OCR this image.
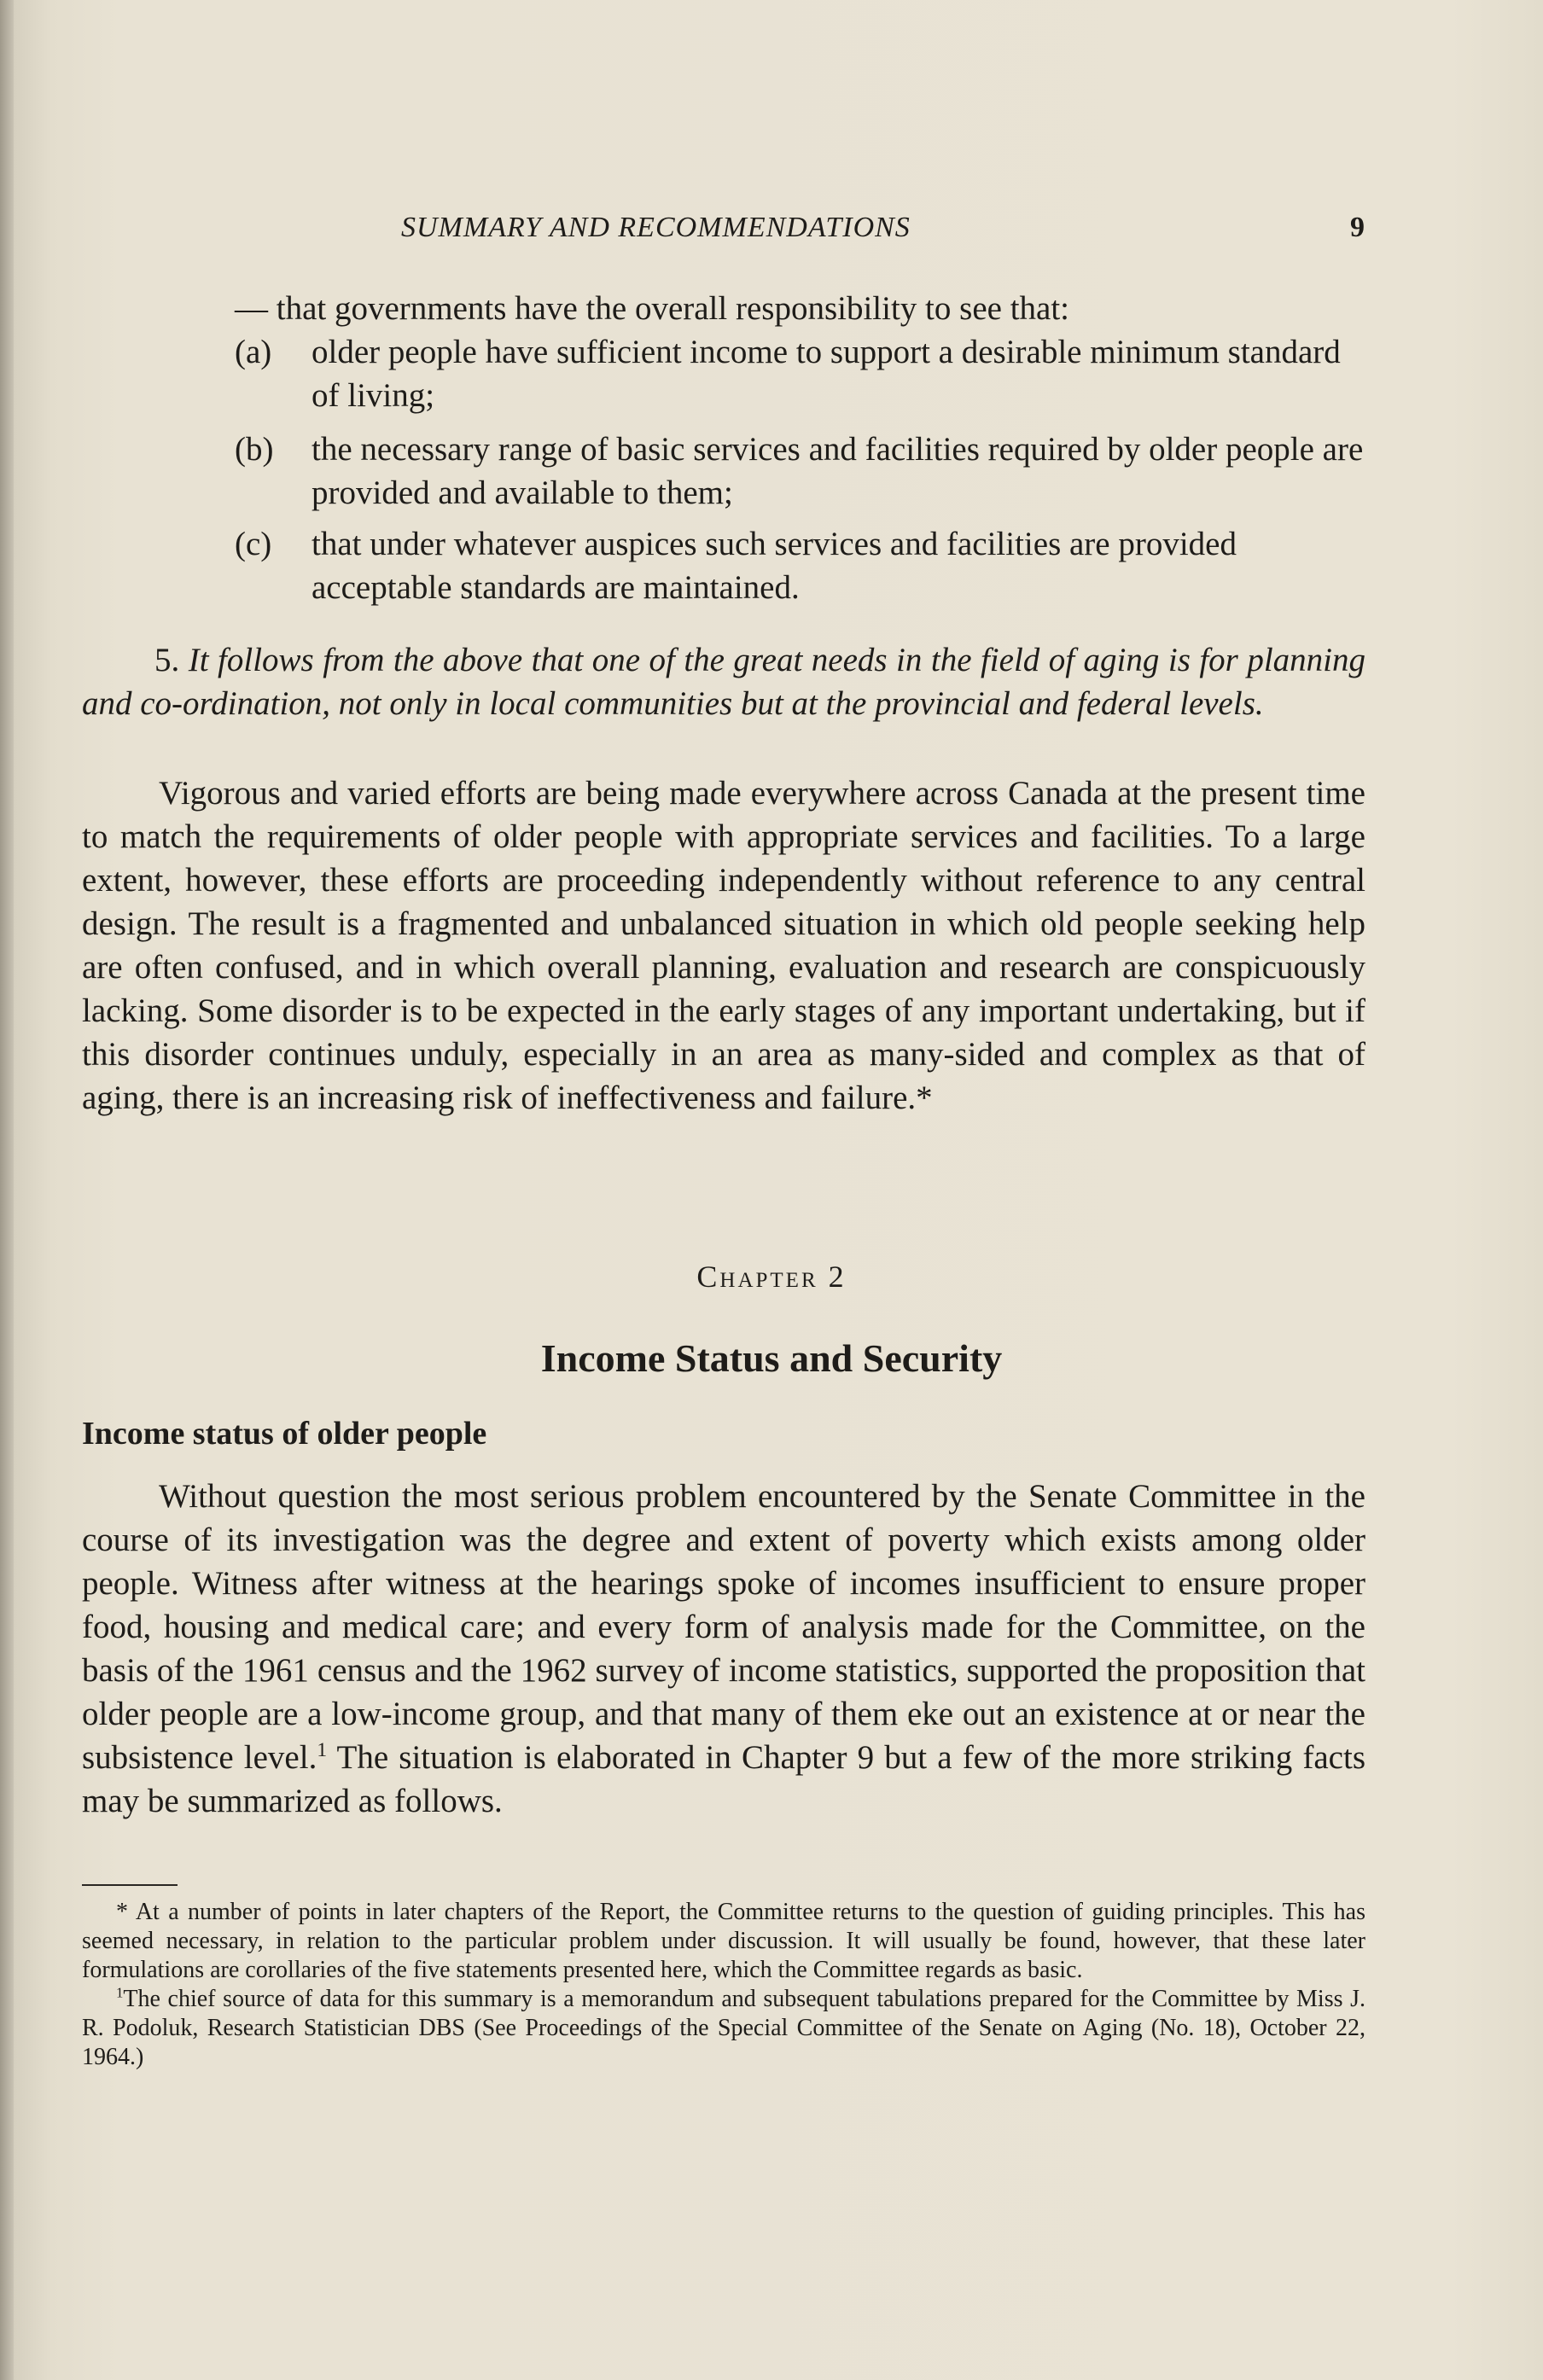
SUMMARY AND RECOMMENDATIONS	9
— that governments have the overall responsibility to see that:
(a)	older people have sufficient income to support a desirable minimum standard of living;
(b)	the necessary range of basic services and facilities required by older people are provided and available to them;
(c)	that under whatever auspices such services and facilities are provided acceptable standards are maintained.
5. It follows from the above that one of the great needs in the field of aging is for planning and co-ordination, not only in local communities but at the provincial and federal levels.
Vigorous and varied efforts are being made everywhere across Canada at the present time to match the requirements of older people with appropriate services and facilities. To a large extent, however, these efforts are proceeding independently without reference to any central design. The result is a fragmented and unbalanced situation in which old people seeking help are often confused, and in which overall planning, evaluation and research are conspicuously lacking. Some disorder is to be expected in the early stages of any important undertaking, but if this disorder continues unduly, especially in an area as many-sided and complex as that of aging, there is an increasing risk of ineffectiveness and failure.*
Chapter 2
Income Status and Security
Income status of older people
Without question the most serious problem encountered by the Senate Committee in the course of its investigation was the degree and extent of poverty which exists among older people. Witness after witness at the hearings spoke of incomes insufficient to ensure proper food, housing and medical care; and every form of analysis made for the Committee, on the basis of the 1961 census and the 1962 survey of income statistics, supported the proposition that older people are a low-income group, and that many of them eke out an existence at or near the subsistence level.$^1$ The situation is elaborated in Chapter 9 but a few of the more striking facts may be summarized as follows.

* At a number of points in later chapters of the Report, the Committee returns to the question of guiding principles. This has seemed necessary, in relation to the particular problem under discussion. It will usually be found, however, that these later formulations are corollaries of the five statements presented here, which the Committee regards as basic.

$^1$The chief source of data for this summary is a memorandum and subsequent tabulations prepared for the Committee by Miss J. R. Podoluk, Research Statistician DBS (See Proceedings of the Special Committee of the Senate on Aging (No. 18), October 22, 1964.)
